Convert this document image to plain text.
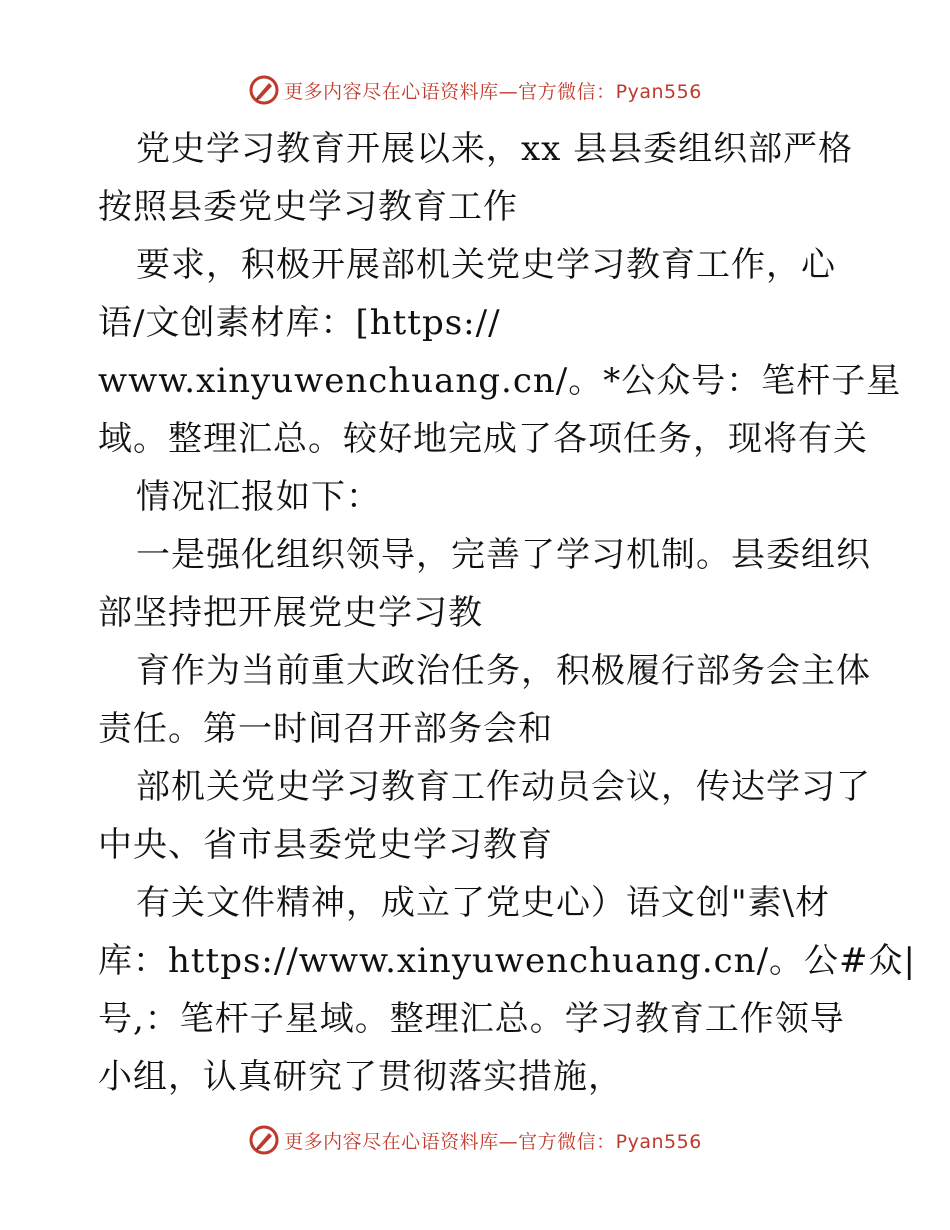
更多内容尽在心语资料库—官方微信：Pyan556
党史学习教育开展以来，xx 县县委组织部严格
按照县委党史学习教育工作
要求，积极开展部机关党史学习教育工作，心
语/文创素材库：[https://
www.xinyuwenchuang.cn/。*公众号：笔杆子星
域。整理汇总。较好地完成了各项任务，现将有关
情况汇报如下：
一是强化组织领导，完善了学习机制。县委组织
部坚持把开展党史学习教
育作为当前重大政治任务，积极履行部务会主体
责任。第一时间召开部务会和
部机关党史学习教育工作动员会议，传达学习了
中央、省市县委党史学习教育
有关文件精神，成立了党史心）语文创"素\材
库：https://www.xinyuwenchuang.cn/。公#众|
号,：笔杆子星域。整理汇总。学习教育工作领导
小组，认真研究了贯彻落实措施，
更多内容尽在心语资料库—官方微信：Pyan556
